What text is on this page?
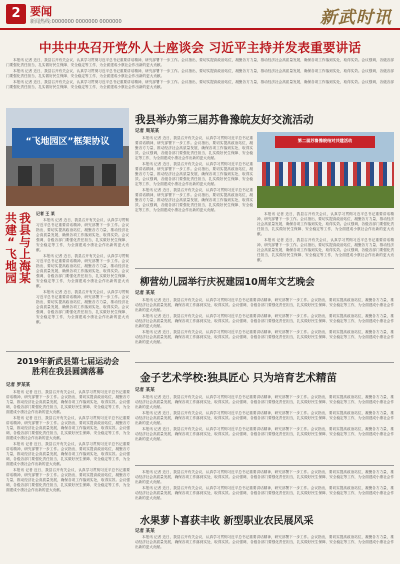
2 要闻
新闻热线:0000000 0000000 0000000	新武时讯
中共中央召开党外人士座谈会 习近平主持并发表重要讲话

本报讯 记者 近日，我县召开有关会议，认真学习贯彻习近平总书记重要讲话精神，研究部署下一步工作。会议指出，要切实提高政治站位，凝聚各方力量，推动经济社会高质量发展，确保各项工作落到实处，取得实效。会议强调，各级各部门要强化责任担当，扎实做好民生保障、安全稳定等工作，为全面建成小康社会作出新的更大贡献。

本报讯 记者 近日，我县召开有关会议，认真学习贯彻习近平总书记重要讲话精神，研究部署下一步工作。会议指出，要切实提高政治站位，凝聚各方力量，推动经济社会高质量发展，确保各项工作落到实处，取得实效。会议强调，各级各部门要强化责任担当，扎实做好民生保障、安全稳定等工作，为全面建成小康社会作出新的更大贡献。

本报讯 记者 近日，我县召开有关会议，认真学习贯彻习近平总书记重要讲话精神，研究部署下一步工作。会议指出，要切实提高政治站位，凝聚各方力量，推动经济社会高质量发展，确保各项工作落到实处，取得实效。会议强调，各级各部门要强化责任担当，扎实做好民生保障、安全稳定等工作，为全面建成小康社会作出新的更大贡献。

“飞地园区”框架协议
共
建
“
飞
地
园
我
县
与
上
海
某
记者 王 某

本报讯 记者 近日，我县召开有关会议，认真学习贯彻习近平总书记重要讲话精神，研究部署下一步工作。会议指出，要切实提高政治站位，凝聚各方力量，推动经济社会高质量发展，确保各项工作落到实处，取得实效。会议强调，各级各部门要强化责任担当，扎实做好民生保障、安全稳定等工作，为全面建成小康社会作出新的更大贡献。

本报讯 记者 近日，我县召开有关会议，认真学习贯彻习近平总书记重要讲话精神，研究部署下一步工作。会议指出，要切实提高政治站位，凝聚各方力量，推动经济社会高质量发展，确保各项工作落到实处，取得实效。会议强调，各级各部门要强化责任担当，扎实做好民生保障、安全稳定等工作，为全面建成小康社会作出新的更大贡献。

本报讯 记者 近日，我县召开有关会议，认真学习贯彻习近平总书记重要讲话精神，研究部署下一步工作。会议指出，要切实提高政治站位，凝聚各方力量，推动经济社会高质量发展，确保各项工作落到实处，取得实效。会议强调，各级各部门要强化责任担当，扎实做好民生保障、安全稳定等工作，为全面建成小康社会作出新的更大贡献。

我县举办第三届苏鲁豫皖友好交流活动
记者 周某某

本报讯 记者 近日，我县召开有关会议，认真学习贯彻习近平总书记重要讲话精神，研究部署下一步工作。会议指出，要切实提高政治站位，凝聚各方力量，推动经济社会高质量发展，确保各项工作落到实处，取得实效。会议强调，各级各部门要强化责任担当，扎实做好民生保障、安全稳定等工作，为全面建成小康社会作出新的更大贡献。

本报讯 记者 近日，我县召开有关会议，认真学习贯彻习近平总书记重要讲话精神，研究部署下一步工作。会议指出，要切实提高政治站位，凝聚各方力量，推动经济社会高质量发展，确保各项工作落到实处，取得实效。会议强调，各级各部门要强化责任担当，扎实做好民生保障、安全稳定等工作，为全面建成小康社会作出新的更大贡献。

本报讯 记者 近日，我县召开有关会议，认真学习贯彻习近平总书记重要讲话精神，研究部署下一步工作。会议指出，要切实提高政治站位，凝聚各方力量，推动经济社会高质量发展，确保各项工作落到实处，取得实效。会议强调，各级各部门要强化责任担当，扎实做好民生保障、安全稳定等工作，为全面建成小康社会作出新的更大贡献。

第二届苏鲁豫皖结对共建活动

本报讯 记者 近日，我县召开有关会议，认真学习贯彻习近平总书记重要讲话精神，研究部署下一步工作。会议指出，要切实提高政治站位，凝聚各方力量，推动经济社会高质量发展，确保各项工作落到实处，取得实效。会议强调，各级各部门要强化责任担当，扎实做好民生保障、安全稳定等工作，为全面建成小康社会作出新的更大贡献。

本报讯 记者 近日，我县召开有关会议，认真学习贯彻习近平总书记重要讲话精神，研究部署下一步工作。会议指出，要切实提高政治站位，凝聚各方力量，推动经济社会高质量发展，确保各项工作落到实处，取得实效。会议强调，各级各部门要强化责任担当，扎实做好民生保障、安全稳定等工作，为全面建成小康社会作出新的更大贡献。

柳营幼儿园举行庆祝建园10周年文艺晚会
记者 某某

本报讯 记者 近日，我县召开有关会议，认真学习贯彻习近平总书记重要讲话精神，研究部署下一步工作。会议指出，要切实提高政治站位，凝聚各方力量，推动经济社会高质量发展，确保各项工作落到实处，取得实效。会议强调，各级各部门要强化责任担当，扎实做好民生保障、安全稳定等工作，为全面建成小康社会作出新的更大贡献。

本报讯 记者 近日，我县召开有关会议，认真学习贯彻习近平总书记重要讲话精神，研究部署下一步工作。会议指出，要切实提高政治站位，凝聚各方力量，推动经济社会高质量发展，确保各项工作落到实处，取得实效。会议强调，各级各部门要强化责任担当，扎实做好民生保障、安全稳定等工作，为全面建成小康社会作出新的更大贡献。

本报讯 记者 近日，我县召开有关会议，认真学习贯彻习近平总书记重要讲话精神，研究部署下一步工作。会议指出，要切实提高政治站位，凝聚各方力量，推动经济社会高质量发展，确保各项工作落到实处，取得实效。会议强调，各级各部门要强化责任担当，扎实做好民生保障、安全稳定等工作，为全面建成小康社会作出新的更大贡献。

金子艺术学校:独具匠心 只为培育艺术精苗
记者 某某

本报讯 记者 近日，我县召开有关会议，认真学习贯彻习近平总书记重要讲话精神，研究部署下一步工作。会议指出，要切实提高政治站位，凝聚各方力量，推动经济社会高质量发展，确保各项工作落到实处，取得实效。会议强调，各级各部门要强化责任担当，扎实做好民生保障、安全稳定等工作，为全面建成小康社会作出新的更大贡献。

本报讯 记者 近日，我县召开有关会议，认真学习贯彻习近平总书记重要讲话精神，研究部署下一步工作。会议指出，要切实提高政治站位，凝聚各方力量，推动经济社会高质量发展，确保各项工作落到实处，取得实效。会议强调，各级各部门要强化责任担当，扎实做好民生保障、安全稳定等工作，为全面建成小康社会作出新的更大贡献。

本报讯 记者 近日，我县召开有关会议，认真学习贯彻习近平总书记重要讲话精神，研究部署下一步工作。会议指出，要切实提高政治站位，凝聚各方力量，推动经济社会高质量发展，确保各项工作落到实处，取得实效。会议强调，各级各部门要强化责任担当，扎实做好民生保障、安全稳定等工作，为全面建成小康社会作出新的更大贡献。

2019年新武县第七届运动会
胜利在我县圆满落幕
记者 罗某某

本报讯 记者 近日，我县召开有关会议，认真学习贯彻习近平总书记重要讲话精神，研究部署下一步工作。会议指出，要切实提高政治站位，凝聚各方力量，推动经济社会高质量发展，确保各项工作落到实处，取得实效。会议强调，各级各部门要强化责任担当，扎实做好民生保障、安全稳定等工作，为全面建成小康社会作出新的更大贡献。

本报讯 记者 近日，我县召开有关会议，认真学习贯彻习近平总书记重要讲话精神，研究部署下一步工作。会议指出，要切实提高政治站位，凝聚各方力量，推动经济社会高质量发展，确保各项工作落到实处，取得实效。会议强调，各级各部门要强化责任担当，扎实做好民生保障、安全稳定等工作，为全面建成小康社会作出新的更大贡献。

本报讯 记者 近日，我县召开有关会议，认真学习贯彻习近平总书记重要讲话精神，研究部署下一步工作。会议指出，要切实提高政治站位，凝聚各方力量，推动经济社会高质量发展，确保各项工作落到实处，取得实效。会议强调，各级各部门要强化责任担当，扎实做好民生保障、安全稳定等工作，为全面建成小康社会作出新的更大贡献。

本报讯 记者 近日，我县召开有关会议，认真学习贯彻习近平总书记重要讲话精神，研究部署下一步工作。会议指出，要切实提高政治站位，凝聚各方力量，推动经济社会高质量发展，确保各项工作落到实处，取得实效。会议强调，各级各部门要强化责任担当，扎实做好民生保障、安全稳定等工作，为全面建成小康社会作出新的更大贡献。

水果萝卜喜获丰收 新型职业农民展风采
记者 某某

本报讯 记者 近日，我县召开有关会议，认真学习贯彻习近平总书记重要讲话精神，研究部署下一步工作。会议指出，要切实提高政治站位，凝聚各方力量，推动经济社会高质量发展，确保各项工作落到实处，取得实效。会议强调，各级各部门要强化责任担当，扎实做好民生保障、安全稳定等工作，为全面建成小康社会作出新的更大贡献。

本报讯 记者 近日，我县召开有关会议，认真学习贯彻习近平总书记重要讲话精神，研究部署下一步工作。会议指出，要切实提高政治站位，凝聚各方力量，推动经济社会高质量发展，确保各项工作落到实处，取得实效。会议强调，各级各部门要强化责任担当，扎实做好民生保障、安全稳定等工作，为全面建成小康社会作出新的更大贡献。

本报讯 记者 近日，我县召开有关会议，认真学习贯彻习近平总书记重要讲话精神，研究部署下一步工作。会议指出，要切实提高政治站位，凝聚各方力量，推动经济社会高质量发展，确保各项工作落到实处，取得实效。会议强调，各级各部门要强化责任担当，扎实做好民生保障、安全稳定等工作，为全面建成小康社会作出新的更大贡献。
